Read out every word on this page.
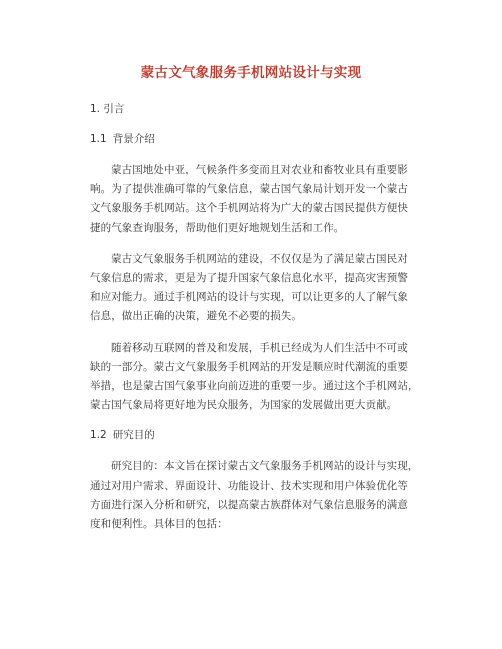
蒙古文气象服务手机网站设计与实现
1. 引言
1.1 背景介绍
蒙古国地处中亚，气候条件多变而且对农业和畜牧业具有重要影
响。为了提供准确可靠的气象信息，蒙古国气象局计划开发一个蒙古
文气象服务手机网站。这个手机网站将为广大的蒙古国民提供方便快
捷的气象查询服务，帮助他们更好地规划生活和工作。
蒙古文气象服务手机网站的建设，不仅仅是为了满足蒙古国民对
气象信息的需求，更是为了提升国家气象信息化水平，提高灾害预警
和应对能力。通过手机网站的设计与实现，可以让更多的人了解气象
信息，做出正确的决策，避免不必要的损失。
随着移动互联网的普及和发展，手机已经成为人们生活中不可或
缺的一部分。蒙古文气象服务手机网站的开发是顺应时代潮流的重要
举措，也是蒙古国气象事业向前迈进的重要一步。通过这个手机网站，
蒙古国气象局将更好地为民众服务，为国家的发展做出更大贡献。
1.2 研究目的
研究目的：本文旨在探讨蒙古文气象服务手机网站的设计与实现，
通过对用户需求、界面设计、功能设计、技术实现和用户体验优化等
方面进行深入分析和研究，以提高蒙古族群体对气象信息服务的满意
度和便利性。具体目的包括：
